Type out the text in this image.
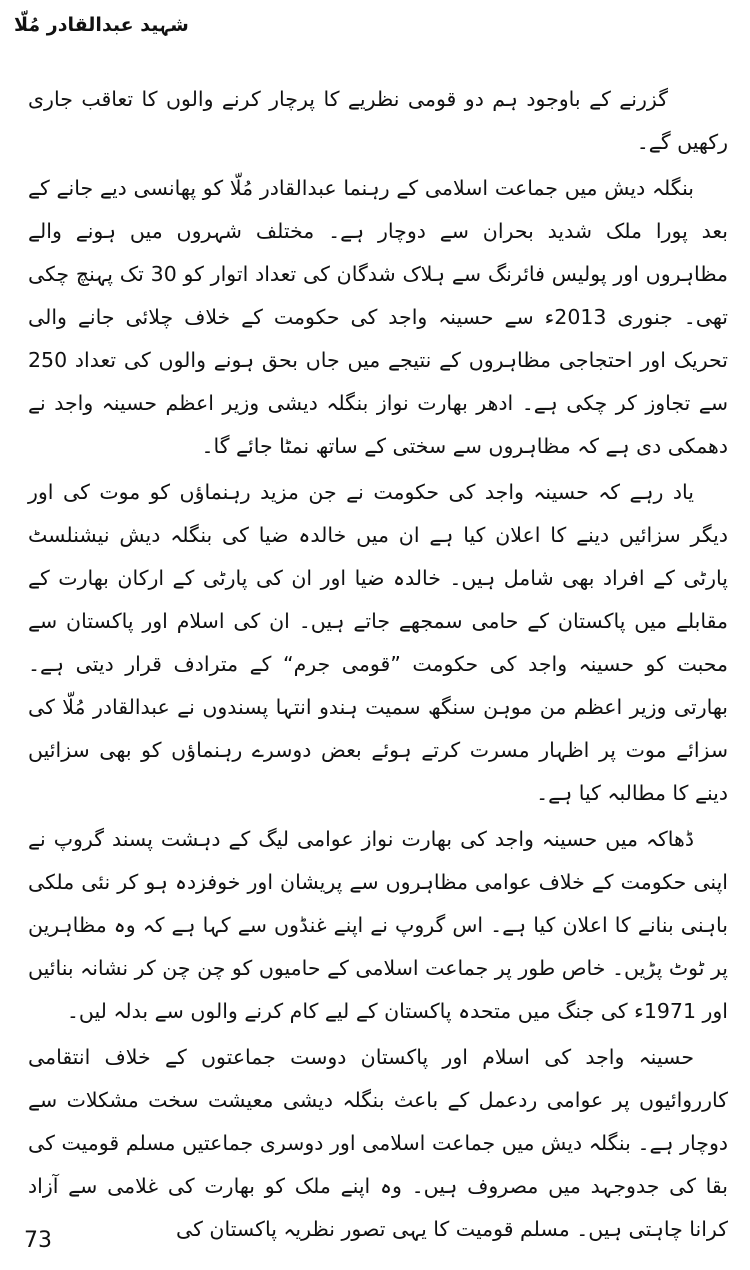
شہید عبدالقادر مُلّا

گزرنے کے باوجود ہم دو قومی نظریے کا پرچار کرنے والوں کا تعاقب جاری رکھیں گے۔

بنگلہ دیش میں جماعت اسلامی کے رہنما عبدالقادر مُلّا کو پھانسی دیے جانے کے بعد پورا ملک شدید بحران سے دوچار ہے۔ مختلف شہروں میں ہونے والے مظاہروں اور پولیس فائرنگ سے ہلاک شدگان کی تعداد اتوار کو 30 تک پہنچ چکی تھی۔ جنوری 2013ء سے حسینہ واجد کی حکومت کے خلاف چلائی جانے والی تحریک اور احتجاجی مظاہروں کے نتیجے میں جاں بحق ہونے والوں کی تعداد 250 سے تجاوز کر چکی ہے۔ ادھر بھارت نواز بنگلہ دیشی وزیر اعظم حسینہ واجد نے دھمکی دی ہے کہ مظاہروں سے سختی کے ساتھ نمٹا جائے گا۔

یاد رہے کہ حسینہ واجد کی حکومت نے جن مزید رہنماؤں کو موت کی اور دیگر سزائیں دینے کا اعلان کیا ہے ان میں خالدہ ضیا کی بنگلہ دیش نیشنلسٹ پارٹی کے افراد بھی شامل ہیں۔ خالدہ ضیا اور ان کی پارٹی کے ارکان بھارت کے مقابلے میں پاکستان کے حامی سمجھے جاتے ہیں۔ ان کی اسلام اور پاکستان سے محبت کو حسینہ واجد کی حکومت ”قومی جرم“ کے مترادف قرار دیتی ہے۔ بھارتی وزیر اعظم من موہن سنگھ سمیت ہندو انتہا پسندوں نے عبدالقادر مُلّا کی سزائے موت پر اظہار مسرت کرتے ہوئے بعض دوسرے رہنماؤں کو بھی سزائیں دینے کا مطالبہ کیا ہے۔

ڈھاکہ میں حسینہ واجد کی بھارت نواز عوامی لیگ کے دہشت پسند گروپ نے اپنی حکومت کے خلاف عوامی مظاہروں سے پریشان اور خوفزدہ ہو کر نئی ملکی باہنی بنانے کا اعلان کیا ہے۔ اس گروپ نے اپنے غنڈوں سے کہا ہے کہ وہ مظاہرین پر ٹوٹ پڑیں۔ خاص طور پر جماعت اسلامی کے حامیوں کو چن چن کر نشانہ بنائیں اور 1971ء کی جنگ میں متحدہ پاکستان کے لیے کام کرنے والوں سے بدلہ لیں۔

حسینہ واجد کی اسلام اور پاکستان دوست جماعتوں کے خلاف انتقامی کارروائیوں پر عوامی ردعمل کے باعث بنگلہ دیشی معیشت سخت مشکلات سے دوچار ہے۔ بنگلہ دیش میں جماعت اسلامی اور دوسری جماعتیں مسلم قومیت کی بقا کی جدوجہد میں مصروف ہیں۔ وہ اپنے ملک کو بھارت کی غلامی سے آزاد کرانا چاہتی ہیں۔ مسلم قومیت کا یہی تصور نظریہ پاکستان کی

73
